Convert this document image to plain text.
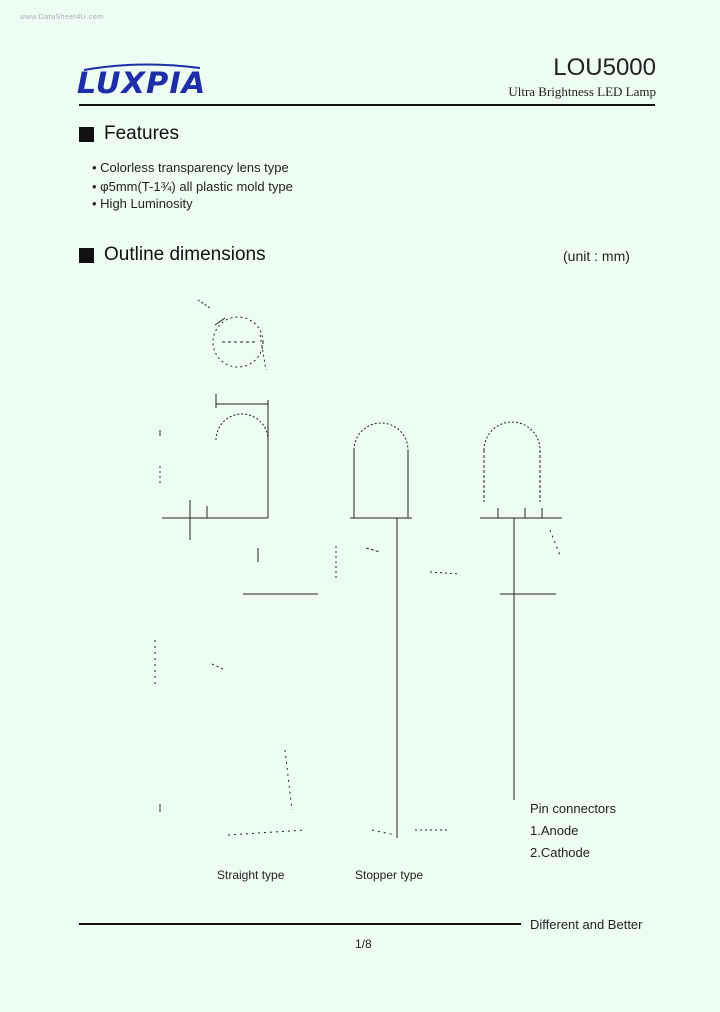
www.DataSheet4U.com
LUXPIA	LOU5000
Ultra Brightness LED Lamp
Features
• Colorless transparency lens type
• φ5mm(T-1¾) all plastic mold type
• High Luminosity
Outline dimensions	(unit : mm)
Pin connectors
1.Anode
2.Cathode
Straight type	Stopper type
Different and Better
1/8
